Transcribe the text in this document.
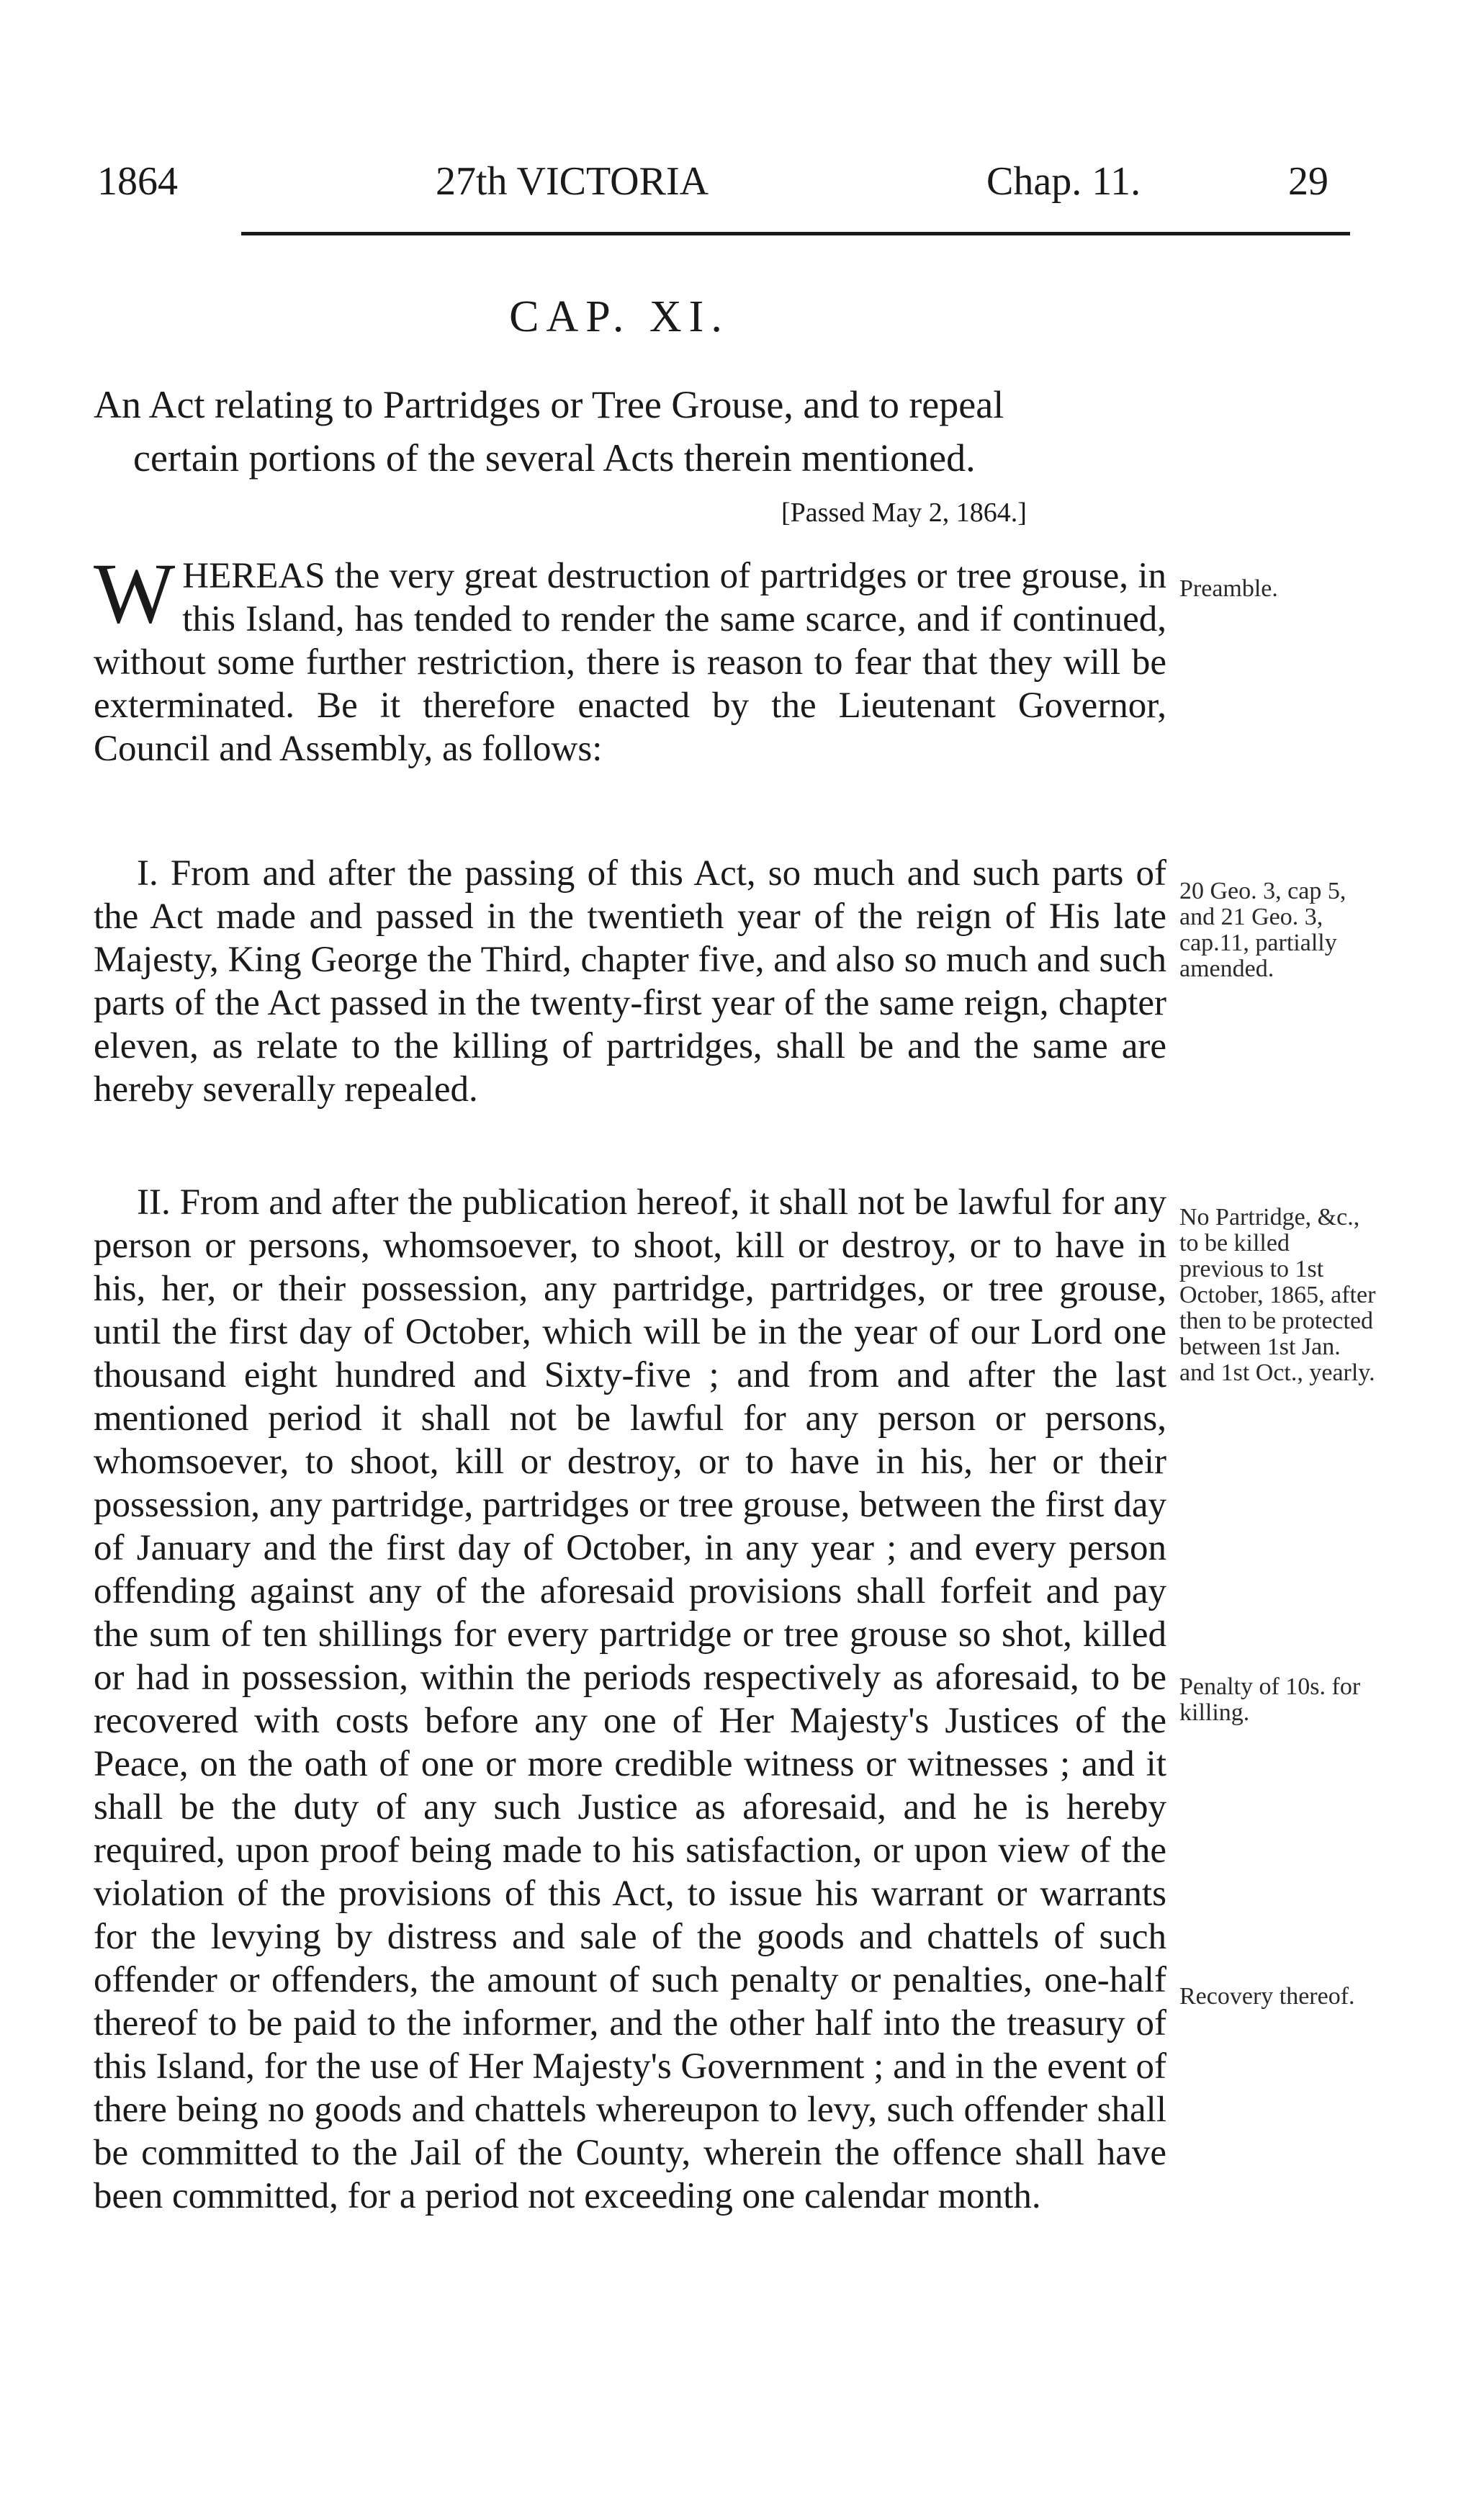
1864	27th VICTORIA	Chap. 11.	29
CAP. XI.
An Act relating to Partridges or Tree Grouse, and to repeal
certain portions of the several Acts therein mentioned.
[Passed May 2, 1864.]
WHEREAS the very great destruction of partridges or tree grouse, in this Island, has tended to render the same scarce, and if continued, without some further restriction, there is reason to fear that they will be exterminated. Be it therefore enacted by the Lieutenant Governor, Council and Assembly, as follows:
I. From and after the passing of this Act, so much and such parts of the Act made and passed in the twentieth year of the reign of His late Majesty, King George the Third, chapter five, and also so much and such parts of the Act passed in the twenty-first year of the same reign, chapter eleven, as relate to the killing of partridges, shall be and the same are hereby severally repealed.
II. From and after the publication hereof, it shall not be lawful for any person or persons, whomsoever, to shoot, kill or destroy, or to have in his, her, or their possession, any partridge, partridges, or tree grouse, until the first day of October, which will be in the year of our Lord one thousand eight hundred and Sixty-five ; and from and after the last mentioned period it shall not be lawful for any person or persons, whomsoever, to shoot, kill or destroy, or to have in his, her or their possession, any partridge, partridges or tree grouse, between the first day of January and the first day of October, in any year ; and every person offending against any of the aforesaid provisions shall forfeit and pay the sum of ten shillings for every partridge or tree grouse so shot, killed or had in possession, within the periods respectively as aforesaid, to be recovered with costs before any one of Her Majesty's Justices of the Peace, on the oath of one or more credible witness or witnesses ; and it shall be the duty of any such Justice as aforesaid, and he is hereby required, upon proof being made to his satisfaction, or upon view of the violation of the provisions of this Act, to issue his warrant or warrants for the levying by distress and sale of the goods and chattels of such offender or offenders, the amount of such penalty or penalties, one-half thereof to be paid to the informer, and the other half into the treasury of this Island, for the use of Her Majesty's Government ; and in the event of there being no goods and chattels whereupon to levy, such offender shall be committed to the Jail of the County, wherein the offence shall have been committed, for a period not exceeding one calendar month.
Preamble.
20 Geo. 3, cap 5, and 21 Geo. 3, cap.11, partially amended.
No Partridge, &c., to be killed previous to 1st October, 1865, after then to be protected between 1st Jan. and 1st Oct., yearly.
Penalty of 10s. for killing.
Recovery thereof.
